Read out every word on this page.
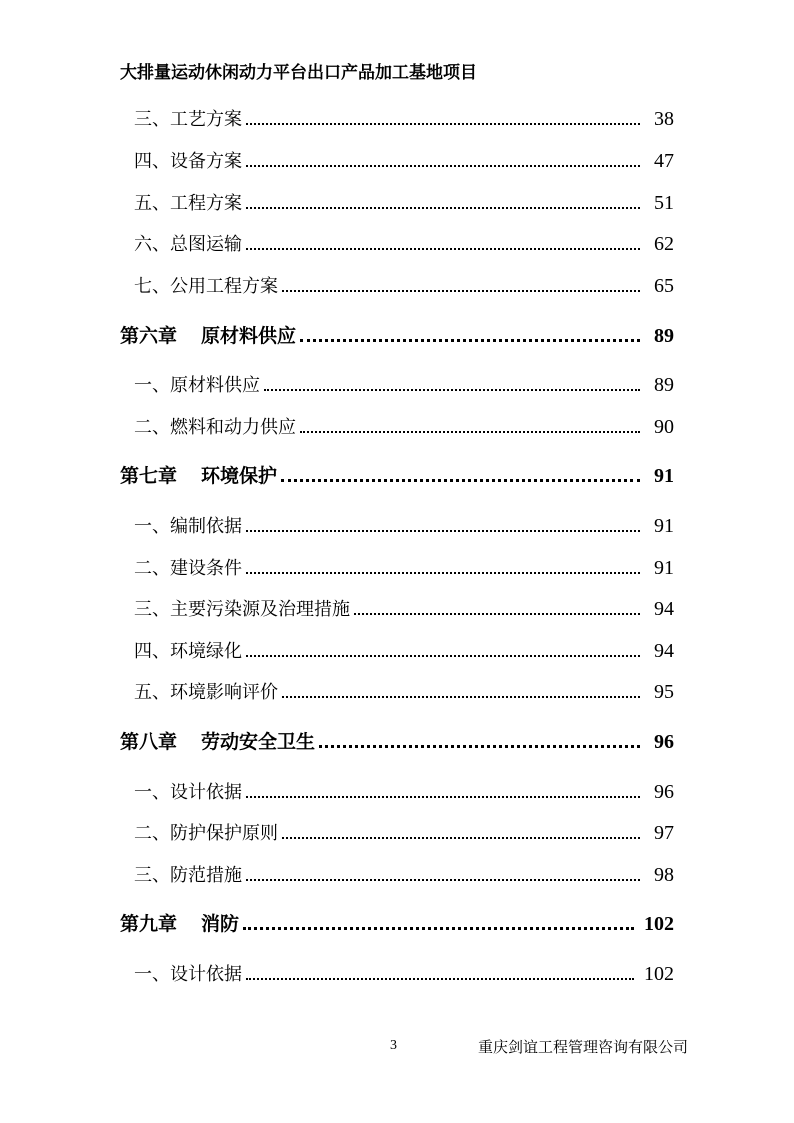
大排量运动休闲动力平台出口产品加工基地项目
三、 工艺方案	38
四、 设备方案	47
五、 工程方案	51
六、 总图运输	62
七、 公用工程方案	65
第六章 原材料供应	89
一、 原材料供应	89
二、 燃料和动力供应	90
第七章 环境保护	91
一、 编制依据	91
二、 建设条件	91
三、 主要污染源及治理措施	94
四、 环境绿化	94
五、 环境影响评价	95
第八章 劳动安全卫生	96
一、 设计依据	96
二、 防护保护原则	97
三、 防范措施	98
第九章 消防	102
一、 设计依据	102
3	重庆剑谊工程管理咨询有限公司
